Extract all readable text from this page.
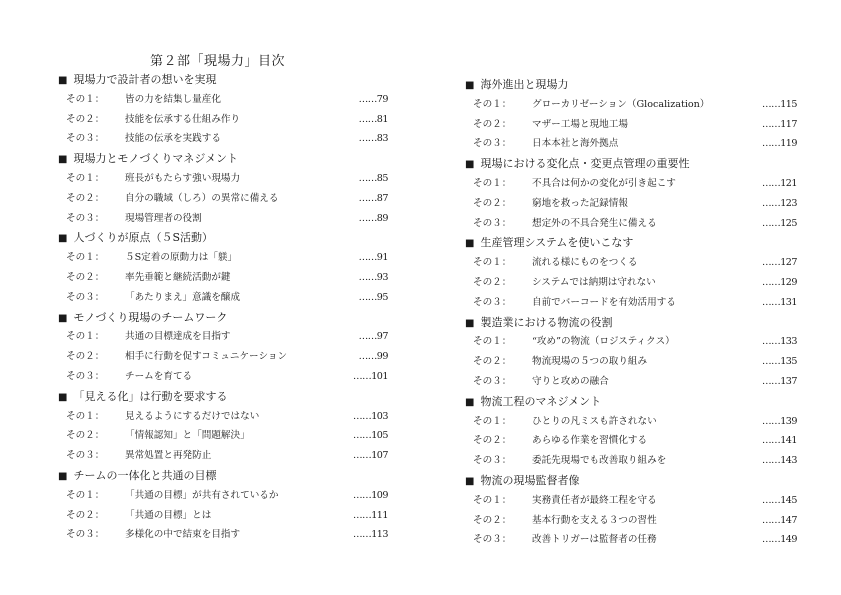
第２部「現場力」目次
■ 現場力で設計者の想いを実現
その１：	皆の力を結集し量産化	……79
その２：	技能を伝承する仕組み作り	……81
その３：	技能の伝承を実践する	……83
■ 現場力とモノづくりマネジメント
その１：	班長がもたらす強い現場力	……85
その２：	自分の職域（しろ）の異常に備える	……87
その３：	現場管理者の役割	……89
■ 人づくりが原点（５S活動）
その１：	５S定着の原動力は「躾」	……91
その２：	率先垂範と継続活動が鍵	……93
その３：	「あたりまえ」意識を醸成	……95
■ モノづくり現場のチームワーク
その１：	共通の目標達成を目指す	……97
その２：	相手に行動を促すコミュニケーション	……99
その３：	チームを育てる	……101
■ 「見える化」は行動を要求する
その１：	見えるようにするだけではない	……103
その２：	「情報認知」と「問題解決」	……105
その３：	異常処置と再発防止	……107
■ チームの一体化と共通の目標
その１：	「共通の目標」が共有されているか	……109
その２：	「共通の目標」とは	……111
その３：	多様化の中で結束を目指す	……113
■ 海外進出と現場力
その１：	グローカリゼーション（Glocalization）	……115
その２：	マザー工場と現地工場	……117
その３：	日本本社と海外拠点	……119
■ 現場における変化点・変更点管理の重要性
その１：	不具合は何かの変化が引き起こす	……121
その２：	窮地を救った記録情報	……123
その３：	想定外の不具合発生に備える	……125
■ 生産管理システムを使いこなす
その１：	流れる様にものをつくる	……127
その２：	システムでは納期は守れない	……129
その３：	自前でバーコードを有効活用する	……131
■ 製造業における物流の役割
その１：	“攻め”の物流（ロジスティクス）	……133
その２：	物流現場の５つの取り組み	……135
その３：	守りと攻めの融合	……137
■ 物流工程のマネジメント
その１：	ひとりの凡ミスも許されない	……139
その２：	あらゆる作業を習慣化する	……141
その３：	委託先現場でも改善取り組みを	……143
■ 物流の現場監督者像
その１：	実務責任者が最終工程を守る	……145
その２：	基本行動を支える３つの習性	……147
その３：	改善トリガーは監督者の任務	……149
